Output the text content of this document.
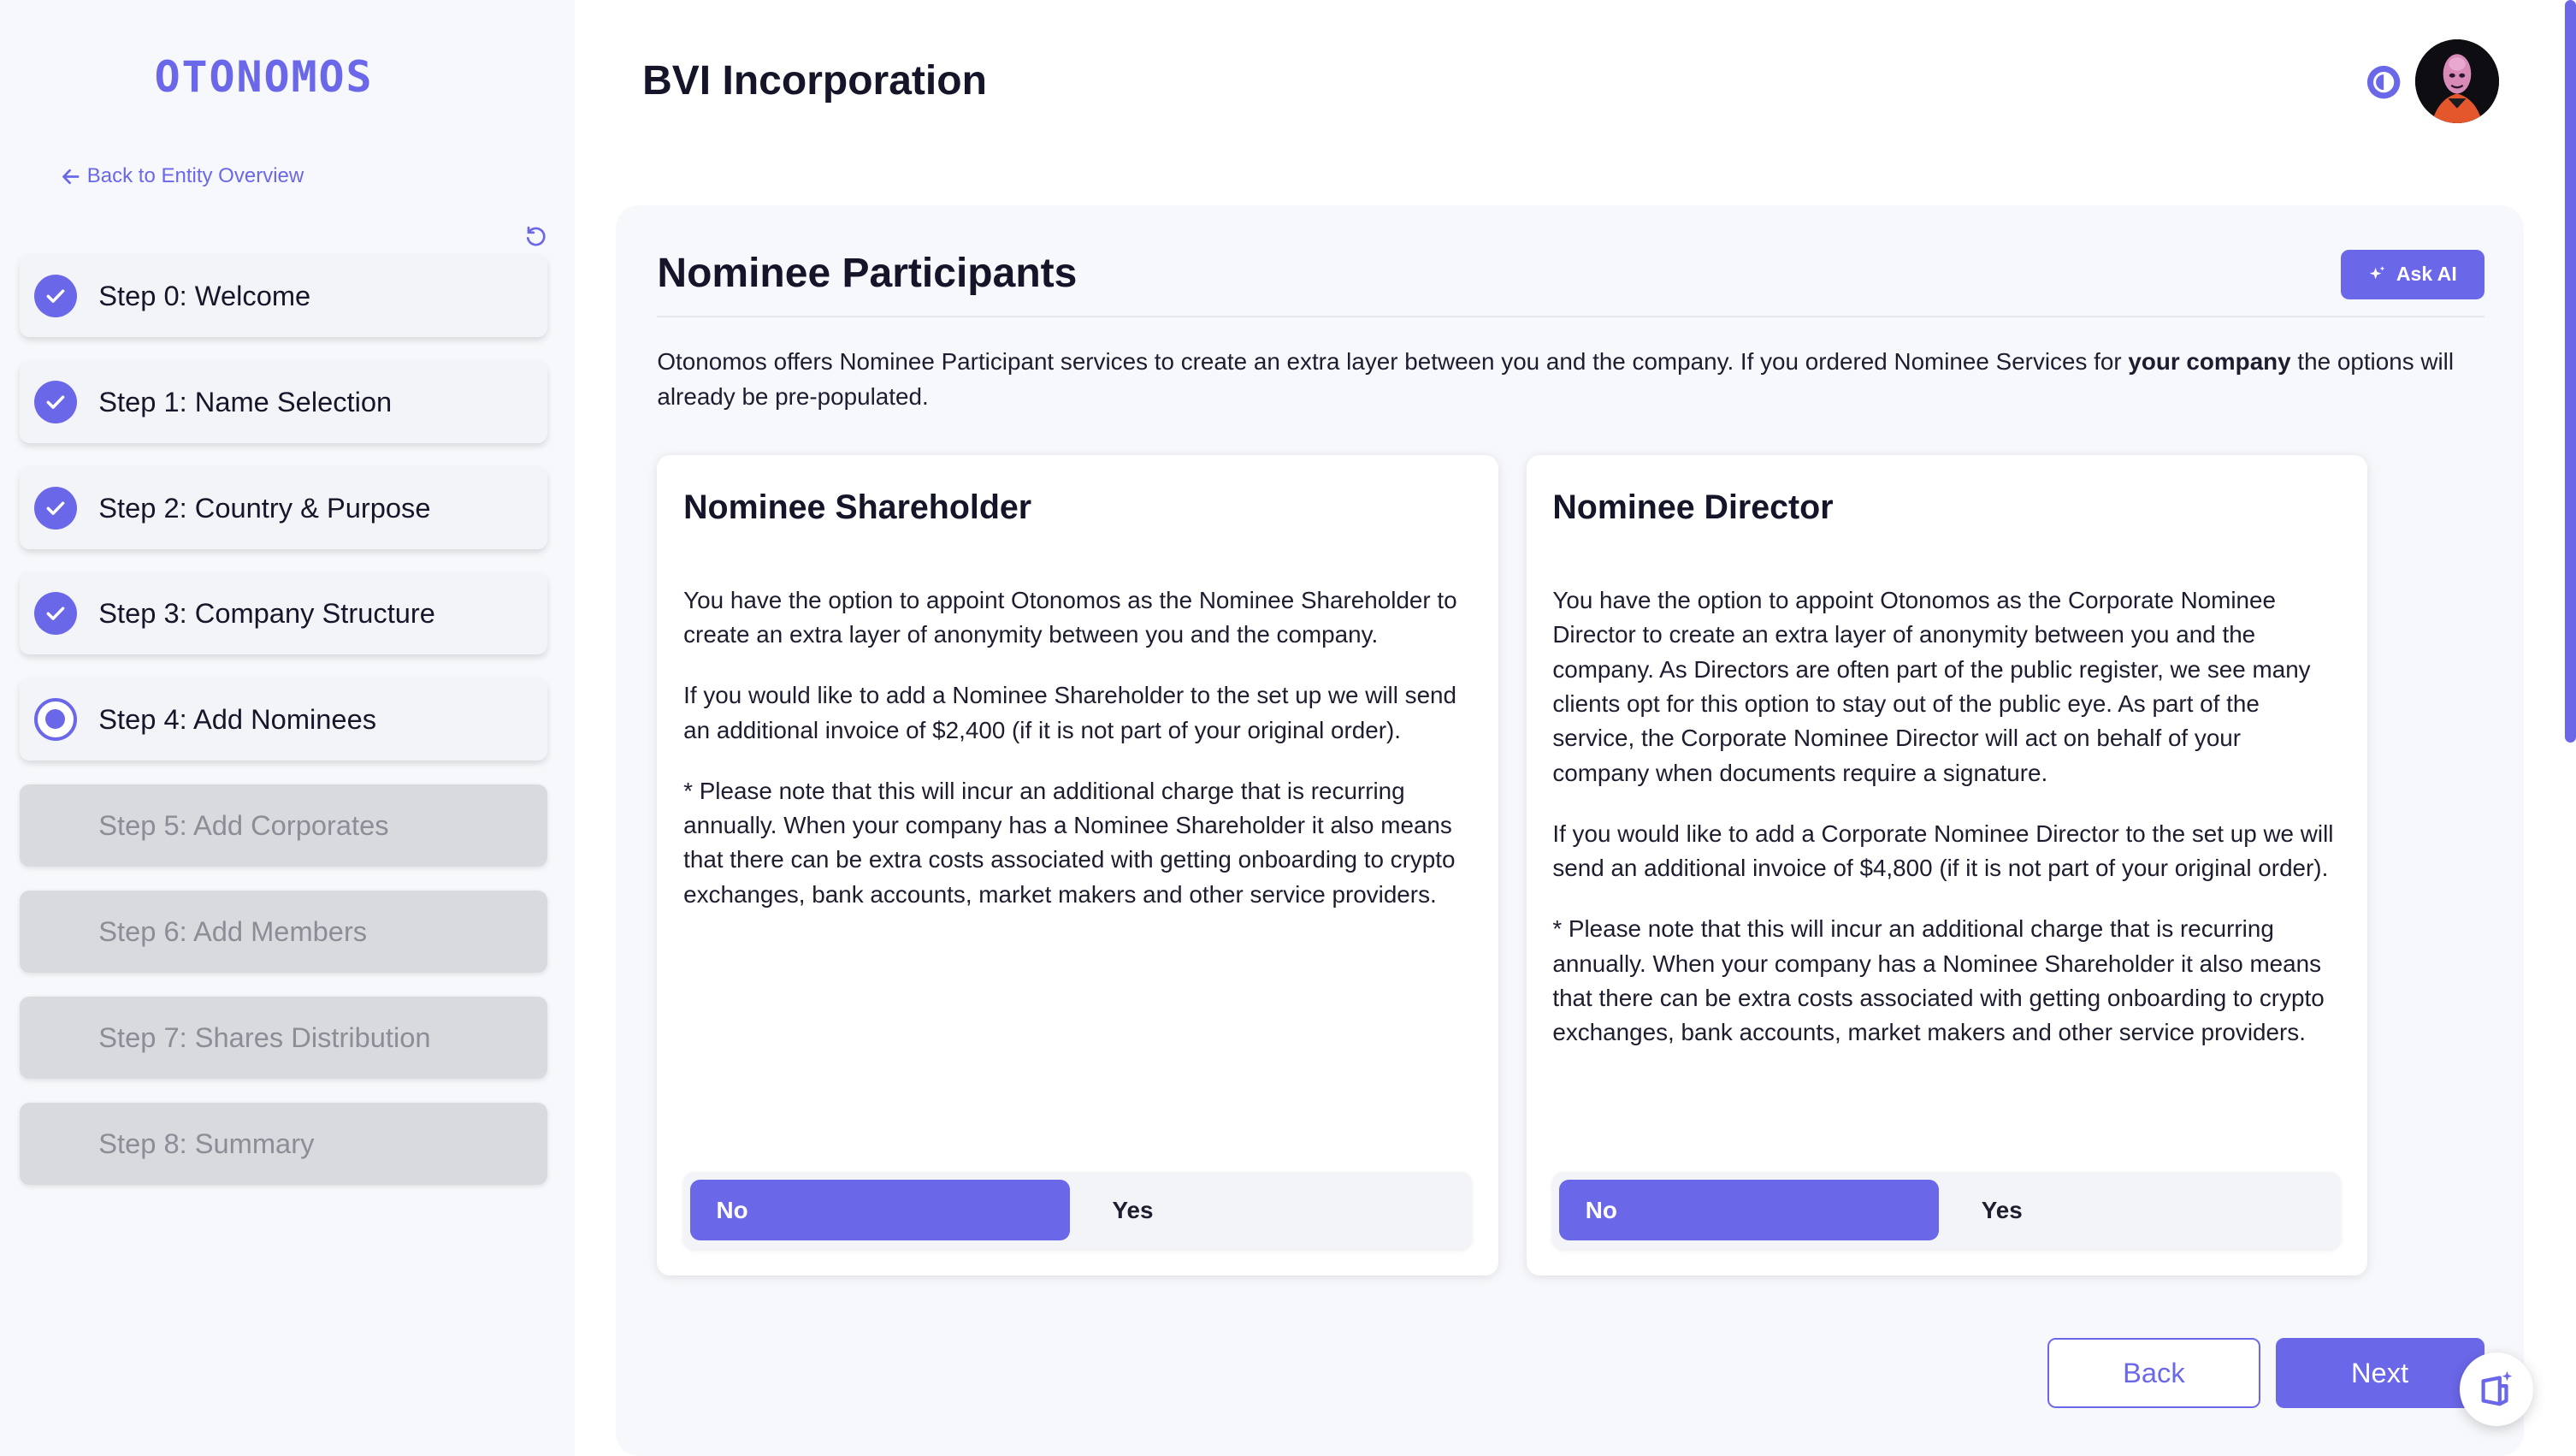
OTONOMOS
Back to Entity Overview
Step 0: Welcome
Step 1: Name Selection
Step 2: Country & Purpose
Step 3: Company Structure
Step 4: Add Nominees
Step 5: Add Corporates
Step 6: Add Members
Step 7: Shares Distribution
Step 8: Summary
BVI Incorporation
Nominee Participants	Ask AI

Otonomos offers Nominee Participant services to create an extra layer between you and the company. If you ordered Nominee Services for your company the options will already be pre-populated.

Nominee Shareholder

You have the option to appoint Otonomos as the Nominee Shareholder to create an extra layer of anonymity between you and the company.

If you would like to add a Nominee Shareholder to the set up we will send an additional invoice of $2,400 (if it is not part of your original order).

* Please note that this will incur an additional charge that is recurring annually. When your company has a Nominee Shareholder it also means that there can be extra costs associated with getting onboarding to crypto exchanges, bank accounts, market makers and other service providers.

No	Yes
Nominee Director

You have the option to appoint Otonomos as the Corporate Nominee Director to create an extra layer of anonymity between you and the company. As Directors are often part of the public register, we see many clients opt for this option to stay out of the public eye. As part of the service, the Corporate Nominee Director will act on behalf of your company when documents require a signature.

If you would like to add a Corporate Nominee Director to the set up we will send an additional invoice of $4,800 (if it is not part of your original order).

* Please note that this will incur an additional charge that is recurring annually. When your company has a Nominee Shareholder it also means that there can be extra costs associated with getting onboarding to crypto exchanges, bank accounts, market makers and other service providers.

No	Yes
Back	Next
